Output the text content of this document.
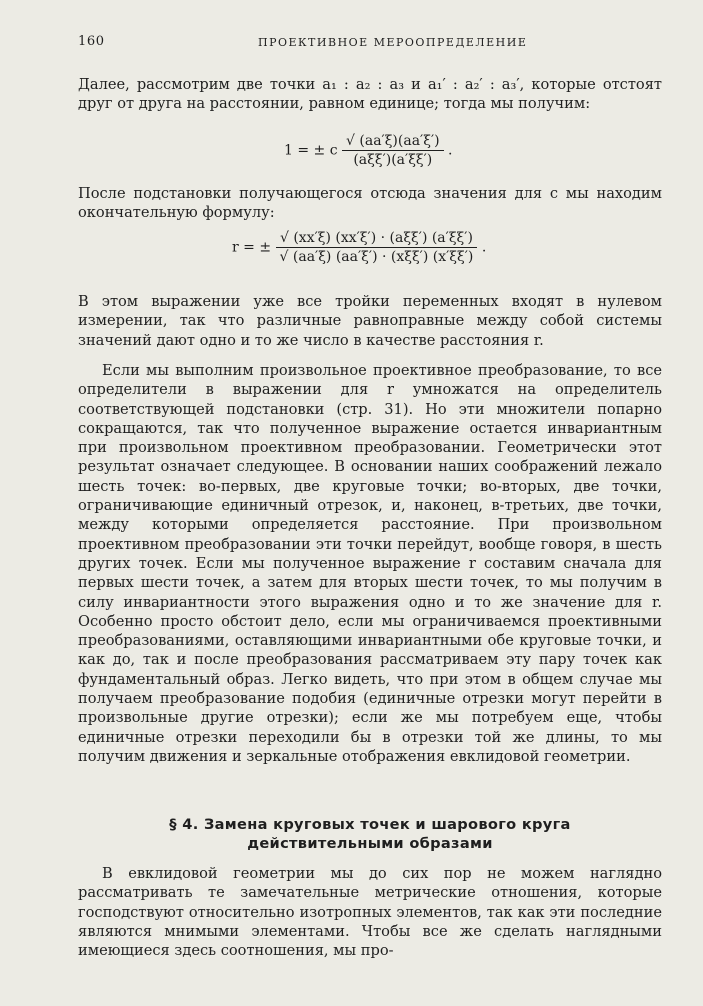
160	ПРОЕКТИВНОЕ МЕРООПРЕДЕЛЕНИЕ

Далее, рассмотрим две точки a₁ : a₂ : a₃ и a₁′ : a₂′ : a₃′, которые отстоят друг от друга на расстоянии, равном единице; тогда мы получим:

1 = ± c $\frac{√ (aa'\xi)(aa'\xi')}{\text{(aξξ′)(a′ξξ′)}}$ .

После подстановки получающегося отсюда значения для c мы находим окончательную формулу:

r = ± $\frac{\text{√ (xx′ξ) (xx′ξ′) · (aξξ′) (a′ξξ′)}}{\text{√ (aa′ξ) (aa′ξ′) · (xξξ′) (x′ξξ′)}}$ .

В этом выражении уже все тройки переменных входят в нулевом измерении, так что различные равноправные между собой системы значений дают одно и то же число в качестве расстояния r.

Если мы выполним произвольное проективное преобразование, то все определители в выражении для r умножатся на определитель соответствующей подстановки (стр. 31). Но эти множители попарно сокращаются, так что полученное выражение остается инвариантным при произвольном проективном преобразовании. Геометрически этот результат означает следующее. В основании наших соображений лежало шесть точек: во-первых, две круговые точки; во-вторых, две точки, ограничивающие единичный отрезок, и, наконец, в-третьих, две точки, между которыми определяется расстояние. При произвольном проективном преобразовании эти точки перейдут, вообще говоря, в шесть других точек. Если мы полученное выражение r составим сначала для первых шести точек, а затем для вторых шести точек, то мы получим в силу инвариантности этого выражения одно и то же значение для r. Особенно просто обстоит дело, если мы ограничиваемся проективными преобразованиями, оставляющими инвариантными обе круговые точки, и как до, так и после преобразования рассматриваем эту пару точек как фундаментальный образ. Легко видеть, что при этом в общем случае мы получаем преобразование подобия (единичные отрезки могут перейти в произвольные другие отрезки); если же мы потребуем еще, чтобы единичные отрезки переходили бы в отрезки той же длины, то мы получим движения и зеркальные отображения евклидовой геометрии.

§ 4. Замена круговых точек и шарового круга
действительными образами

В евклидовой геометрии мы до сих пор не можем наглядно рассматривать те замечательные метрические отношения, которые господствуют относительно изотропных элементов, так как эти последние являются мнимыми элементами. Чтобы все же сделать наглядными имеющиеся здесь соотношения, мы про-
